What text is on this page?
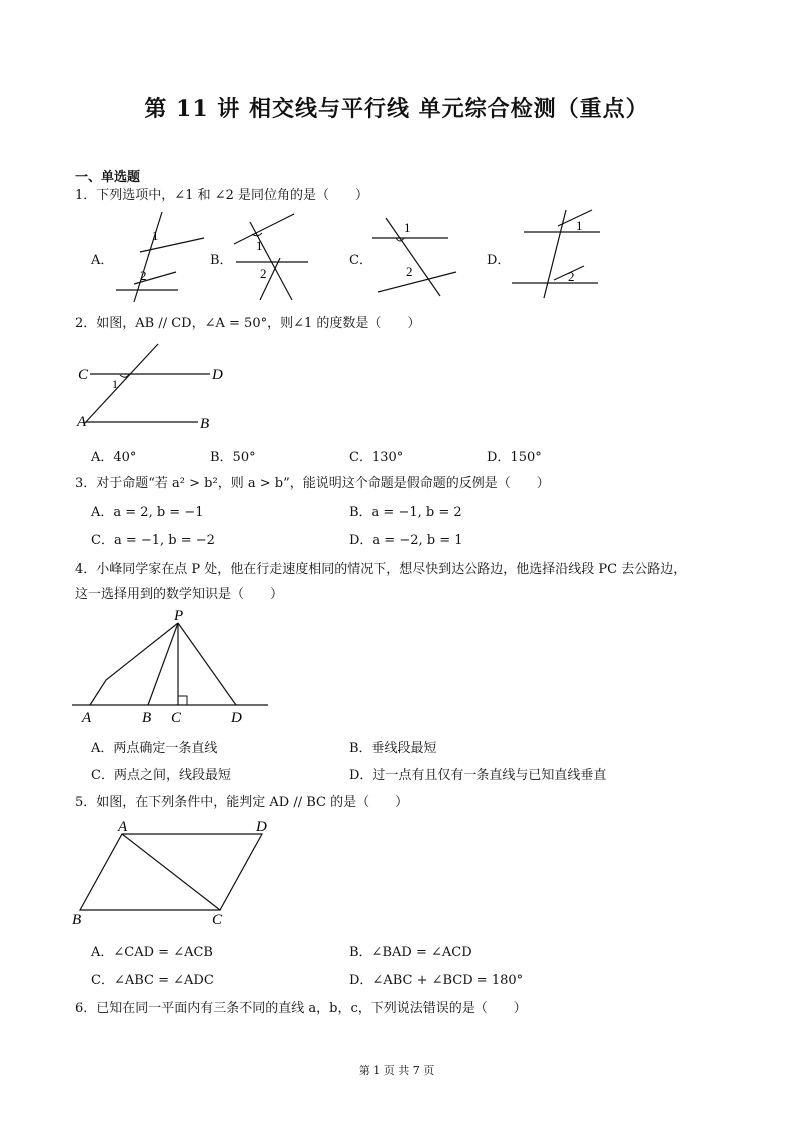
第 11 讲 相交线与平行线 单元综合检测（重点）
一、单选题
1．下列选项中，∠1 和 ∠2 是同位角的是（　　）
A．
1
2
B．
1
2
C．
1
2
D．
1
2
2．如图，AB // CD，∠A = 50°，则∠1 的度数是（　　）
C	D
A	B
1
A．40°	B．50°	C．130°	D．150°
3．对于命题“若 a² > b²，则 a > b”，能说明这个命题是假命题的反例是（　　）
A．a = 2, b = −1	B．a = −1, b = 2
C．a = −1, b = −2	D．a = −2, b = 1
4．小峰同学家在点 P 处，他在行走速度相同的情况下，想尽快到达公路边，他选择沿线段 PC 去公路边，
这一选择用到的数学知识是（　　）
P
A	B C	D
A．两点确定一条直线	B．垂线段最短
C．两点之间，线段最短	D．过一点有且仅有一条直线与已知直线垂直
5．如图，在下列条件中，能判定 AD // BC 的是（　　）
A	D
B	C
A．∠CAD = ∠ACB	B．∠BAD = ∠ACD
C．∠ABC = ∠ADC	D．∠ABC + ∠BCD = 180°
6．已知在同一平面内有三条不同的直线 a，b，c，下列说法错误的是（　　）
第 1 页 共 7 页
